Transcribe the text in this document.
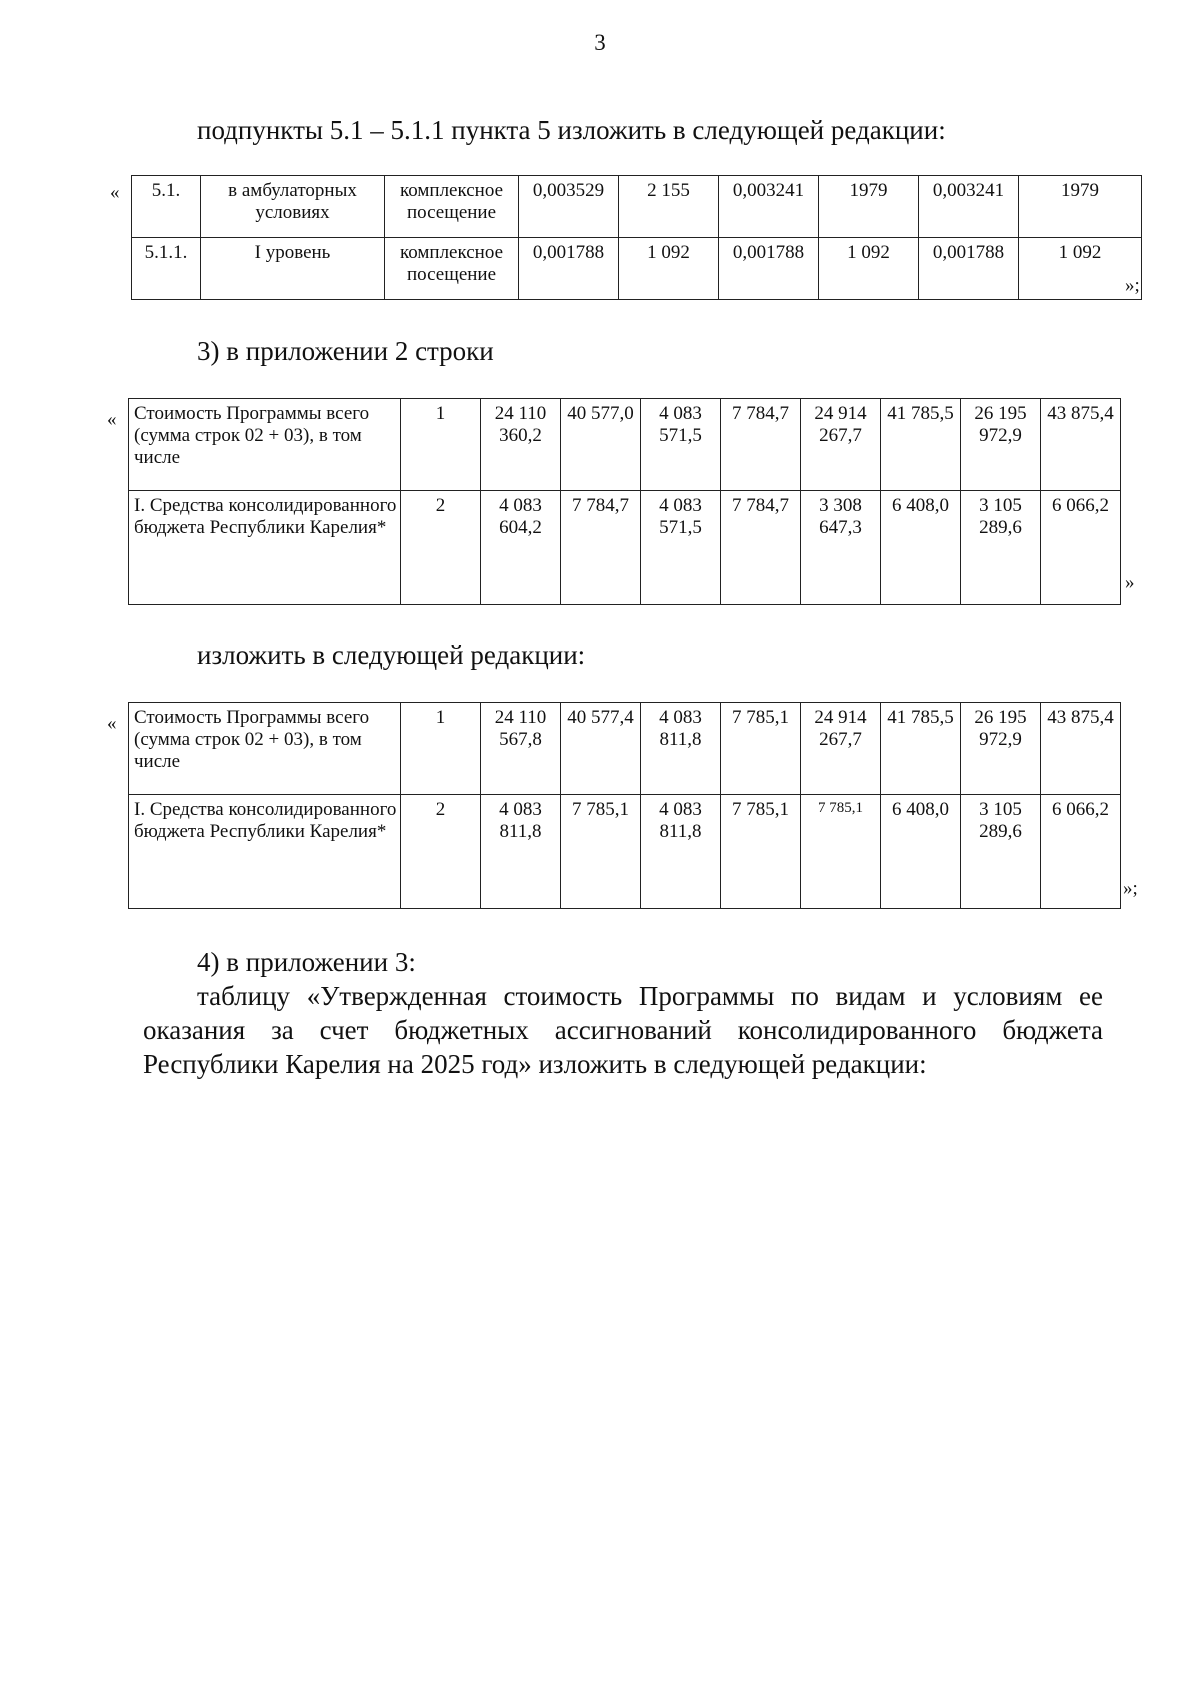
3
подпункты 5.1 – 5.1.1 пункта 5 изложить в следующей редакции:
« 5.1.	в амбулаторных условиях	комплексное посещение	0,003529	2 155	0,003241	1979	0,003241	1979
5.1.1.	I уровень	комплексное посещение	0,001788	1 092	0,001788	1 092	0,001788	1 092
»;
3) в приложении 2 строки
« Стоимость Программы всего (сумма строк 02 + 03), в том числе	1	24 110 360,2	40 577,0	4 083 571,5	7 784,7	24 914 267,7	41 785,5	26 195 972,9	43 875,4
I. Средства консолидированного бюджета Республики Карелия*	2	4 083 604,2	7 784,7	4 083 571,5	7 784,7	3 308 647,3	6 408,0	3 105 289,6	6 066,2
»
изложить в следующей редакции:
« Стоимость Программы всего (сумма строк 02 + 03), в том числе	1	24 110 567,8	40 577,4	4 083 811,8	7 785,1	24 914 267,7	41 785,5	26 195 972,9	43 875,4
I. Средства консолидированного бюджета Республики Карелия*	2	4 083 811,8	7 785,1	4 083 811,8	7 785,1	7 785,1	6 408,0	3 105 289,6	6 066,2
»;
4) в приложении 3:
таблицу «Утвержденная стоимость Программы по видам и условиям ее оказания за счет бюджетных ассигнований консолидированного бюджета Республики Карелия на 2025 год» изложить в следующей редакции:
